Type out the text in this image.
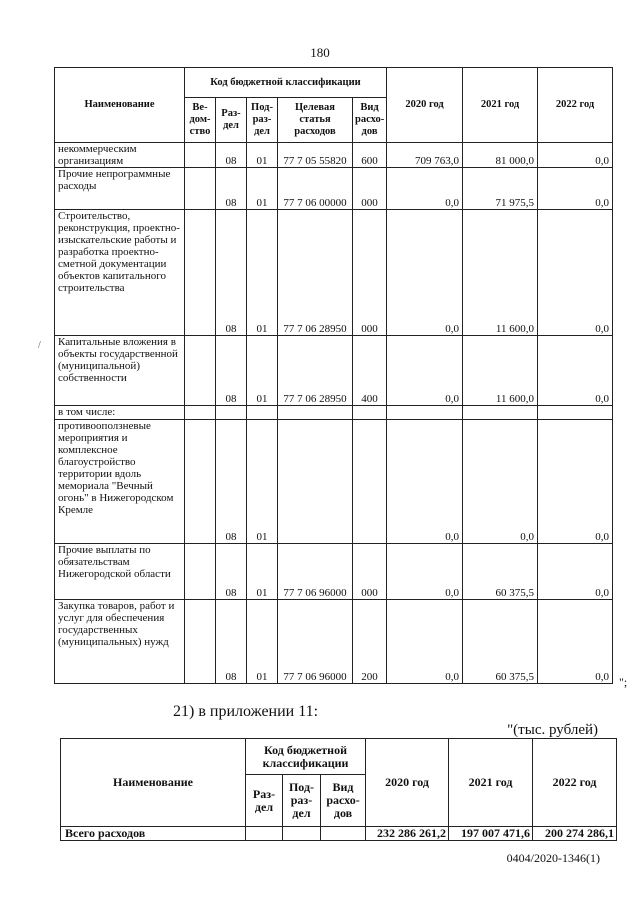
180
/
Наименование	Код бюджетной классификации					2020 год	2021 год	2022 год
	Ве-дом-ство	Раз-дел	Под-раз-дел	Целевая статья расходов	Вид расхо-дов			
некоммерческим организациям		08	01	77 7 05 55820	600	709 763,0	81 000,0	0,0
Прочие непрограммные расходы		08	01	77 7 06 00000	000	0,0	71 975,5	0,0
Строительство, реконструкция, проектно-изыскательские работы и разработка проектно-сметной документации объектов капитального строительства		08	01	77 7 06 28950	000	0,0	11 600,0	0,0
Капитальные вложения в объекты государственной (муниципальной) собственности		08	01	77 7 06 28950	400	0,0	11 600,0	0,0
в том числе:								
противооползневые мероприятия и комплексное благоустройство территории вдоль мемориала "Вечный огонь" в Нижегородском Кремле		08	01			0,0	0,0	0,0
Прочие выплаты по обязательствам Нижегородской области		08	01	77 7 06 96000	000	0,0	60 375,5	0,0
Закупка товаров, работ и услуг для обеспечения государственных (муниципальных) нужд		08	01	77 7 06 96000	200	0,0	60 375,5	0,0 ";
21) в приложении 11:
"(тыс. рублей)
Наименование	Код бюджетной классификации			2020 год	2021 год	2022 год
	Раз-дел	Под-раз-дел	Вид расхо-дов			
Всего расходов				232 286 261,2	197 007 471,6	200 274 286,1
0404/2020-1346(1)
